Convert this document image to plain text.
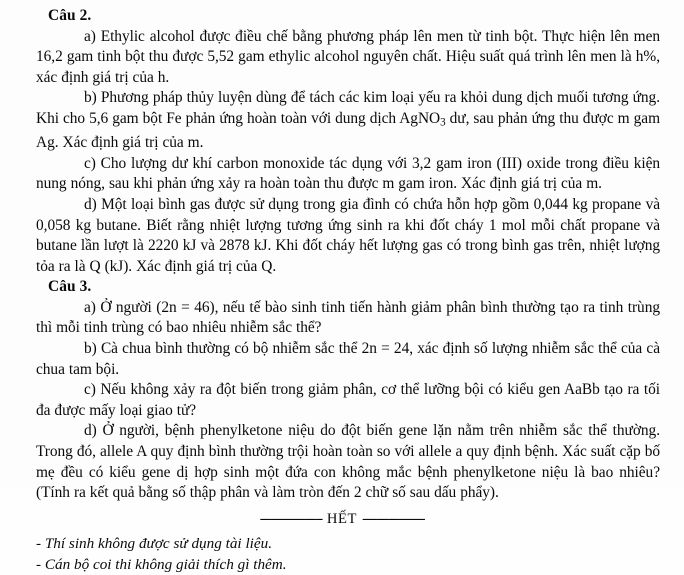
Câu 2.

a) Ethylic alcohol được điều chế bằng phương pháp lên men từ tinh bột. Thực hiện lên men 16,2 gam tinh bột thu được 5,52 gam ethylic alcohol nguyên chất. Hiệu suất quá trình lên men là h%, xác định giá trị của h.

b) Phương pháp thủy luyện dùng để tách các kim loại yếu ra khỏi dung dịch muối tương ứng. Khi cho 5,6 gam bột Fe phản ứng hoàn toàn với dung dịch AgNO$_3$ dư, sau phản ứng thu được m gam Ag. Xác định giá trị của m.

c) Cho lượng dư khí carbon monoxide tác dụng với 3,2 gam iron (III) oxide trong điều kiện nung nóng, sau khi phản ứng xảy ra hoàn toàn thu được m gam iron. Xác định giá trị của m.

d) Một loại bình gas được sử dụng trong gia đình có chứa hỗn hợp gồm 0,044 kg propane và 0,058 kg butane. Biết rằng nhiệt lượng tương ứng sinh ra khi đốt cháy 1 mol mỗi chất propane và butane lần lượt là 2220 kJ và 2878 kJ. Khi đốt cháy hết lượng gas có trong bình gas trên, nhiệt lượng tỏa ra là Q (kJ). Xác định giá trị của Q.

Câu 3.

a) Ở người (2n = 46), nếu tế bào sinh tinh tiến hành giảm phân bình thường tạo ra tinh trùng thì mỗi tinh trùng có bao nhiêu nhiễm sắc thể?

b) Cà chua bình thường có bộ nhiễm sắc thể 2n = 24, xác định số lượng nhiễm sắc thể của cà chua tam bội.

c) Nếu không xảy ra đột biến trong giảm phân, cơ thể lưỡng bội có kiểu gen AaBb tạo ra tối đa được mấy loại giao tử?

d) Ở người, bệnh phenylketone niệu do đột biến gene lặn nằm trên nhiễm sắc thể thường. Trong đó, allele A quy định bình thường trội hoàn toàn so với allele a quy định bệnh. Xác suất cặp bố mẹ đều có kiểu gene dị hợp sinh một đứa con không mắc bệnh phenylketone niệu là bao nhiêu? (Tính ra kết quả bằng số thập phân và làm tròn đến 2 chữ số sau dấu phẩy).

----------------- HẾT -----------------
- Thí sinh không được sử dụng tài liệu.
- Cán bộ coi thi không giải thích gì thêm.
